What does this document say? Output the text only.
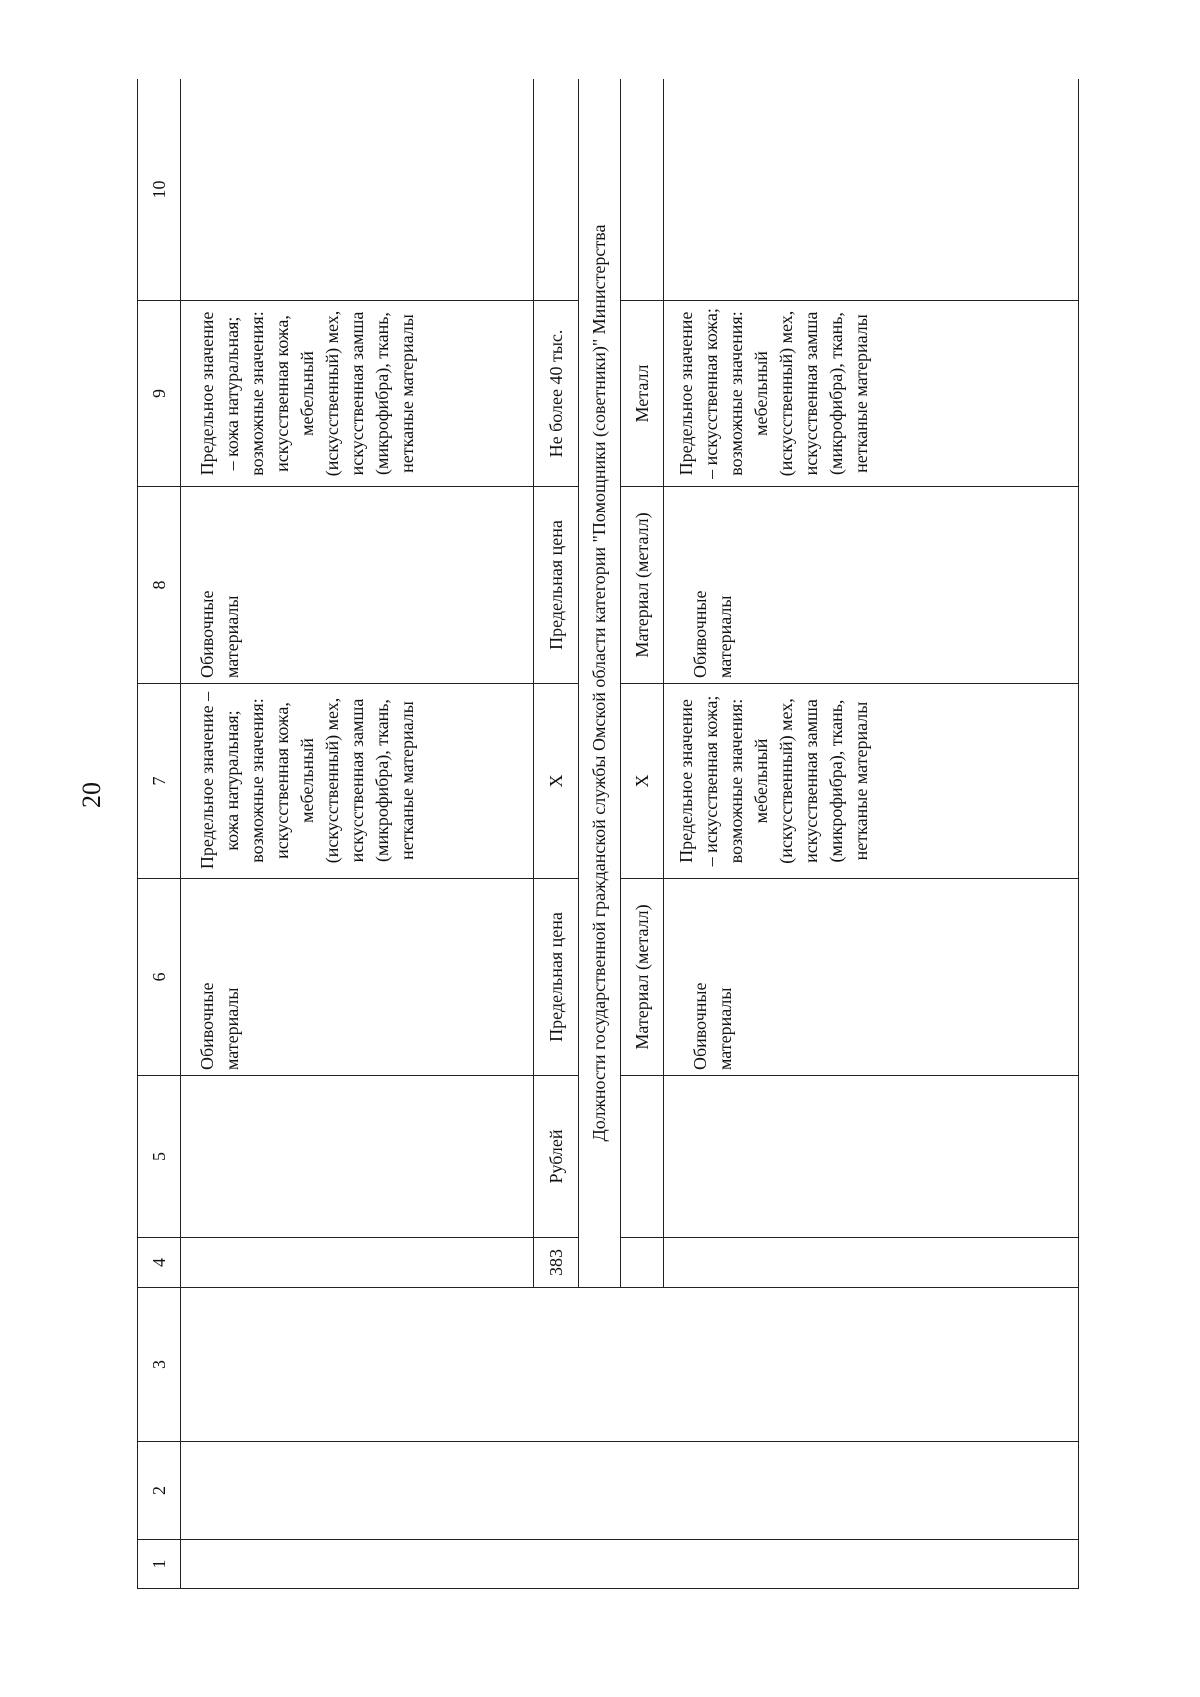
20
1	2	3	4	5	6	7	8	9	10
					Обивочные материалы	Предельное значение – кожа натуральная; возможные значения: искусственная кожа, мебельный (искусственный) мех, искусственная замша (микрофибра), ткань, нетканые материалы	Обивочные материалы	Предельное значение – кожа натуральная; возможные значения: искусственная кожа, мебельный (искусственный) мех, искусственная замша (микрофибра), ткань, нетканые материалы	
			383	Рублей	Предельная цена	X	Предельная цена	Не более 40 тыс.	
			Должности государственной гражданской службы Омской области категории "Помощники (советники)" Министерства						
					Материал (металл)	X	Материал (металл)	Металл	
					Обивочные материалы	Предельное значение – искусственная кожа; возможные значения: мебельный (искусственный) мех, искусственная замша (микрофибра), ткань, нетканые материалы	Обивочные материалы	Предельное значение – искусственная кожа; возможные значения: мебельный (искусственный) мех, искусственная замша (микрофибра), ткань, нетканые материалы	
